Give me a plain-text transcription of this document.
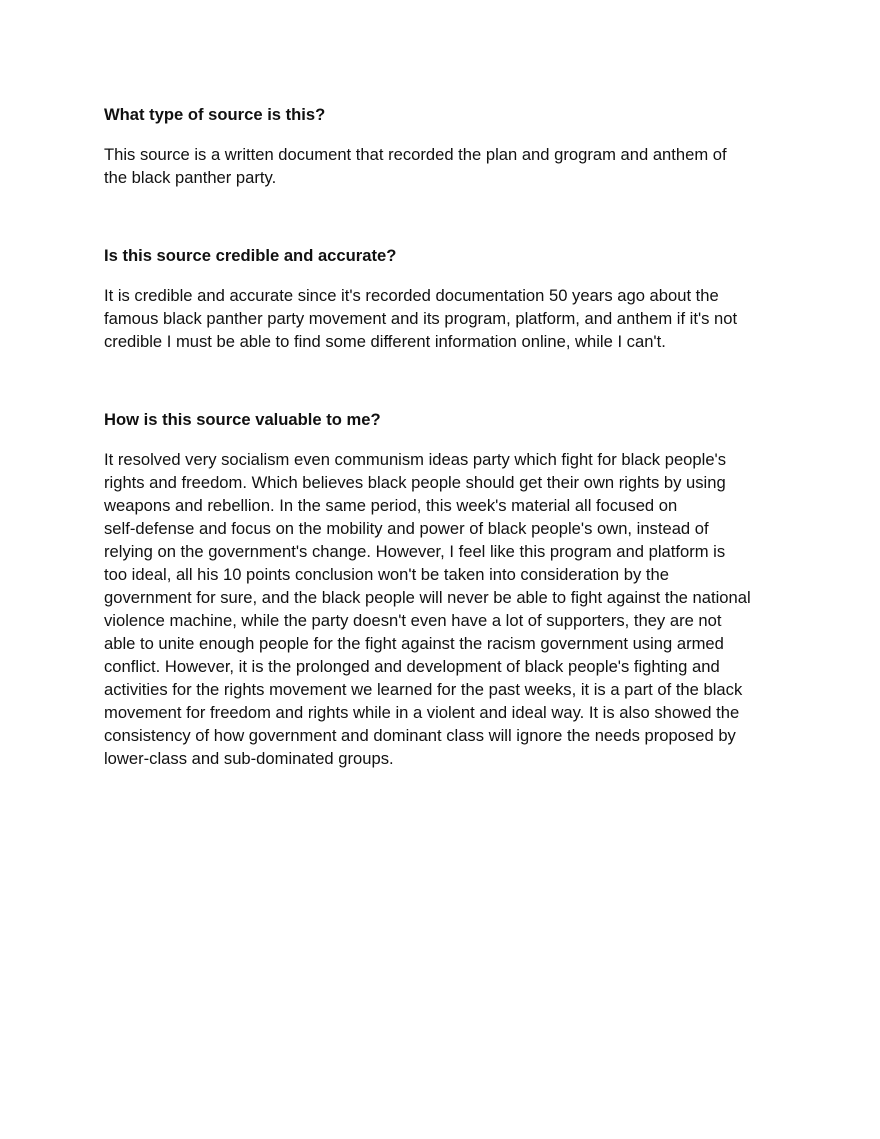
What type of source is this?

This source is a written document that recorded the plan and grogram and anthem of
the black panther party.

Is this source credible and accurate?

It is credible and accurate since it's recorded documentation 50 years ago about the
famous black panther party movement and its program, platform, and anthem if it's not
credible I must be able to find some different information online, while I can't.

How is this source valuable to me?

It resolved very socialism even communism ideas party which fight for black people's
rights and freedom. Which believes black people should get their own rights by using
weapons and rebellion. In the same period, this week's material all focused on
self-defense and focus on the mobility and power of black people's own, instead of
relying on the government's change. However, I feel like this program and platform is
too ideal, all his 10 points conclusion won't be taken into consideration by the
government for sure, and the black people will never be able to fight against the national
violence machine, while the party doesn't even have a lot of supporters, they are not
able to unite enough people for the fight against the racism government using armed
conflict. However, it is the prolonged and development of black people's fighting and
activities for the rights movement we learned for the past weeks, it is a part of the black
movement for freedom and rights while in a violent and ideal way. It is also showed the
consistency of how government and dominant class will ignore the needs proposed by
lower-class and sub-dominated groups.
